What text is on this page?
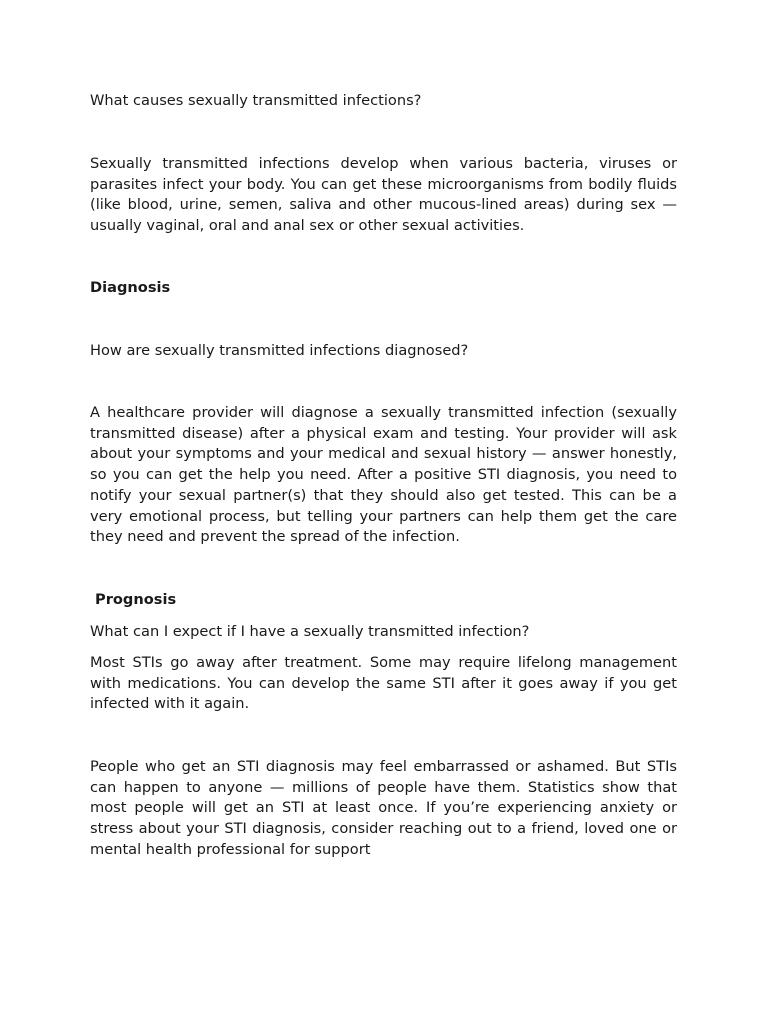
What causes sexually transmitted infections?

Sexually transmitted infections develop when various bacteria, viruses or parasites infect your body. You can get these microorganisms from bodily fluids (like blood, urine, semen, saliva and other mucous-lined areas) during sex — usually vaginal, oral and anal sex or other sexual activities.

Diagnosis

How are sexually transmitted infections diagnosed?

A healthcare provider will diagnose a sexually transmitted infection (sexually transmitted disease) after a physical exam and testing. Your provider will ask about your symptoms and your medical and sexual history — answer honestly, so you can get the help you need. After a positive STI diagnosis, you need to notify your sexual partner(s) that they should also get tested. This can be a very emotional process, but telling your partners can help them get the care they need and prevent the spread of the infection.

Prognosis

What can I expect if I have a sexually transmitted infection?

Most STIs go away after treatment. Some may require lifelong management with medications. You can develop the same STI after it goes away if you get infected with it again.

People who get an STI diagnosis may feel embarrassed or ashamed. But STIs can happen to anyone — millions of people have them. Statistics show that most people will get an STI at least once. If you’re experiencing anxiety or stress about your STI diagnosis, consider reaching out to a friend, loved one or mental health professional for support
